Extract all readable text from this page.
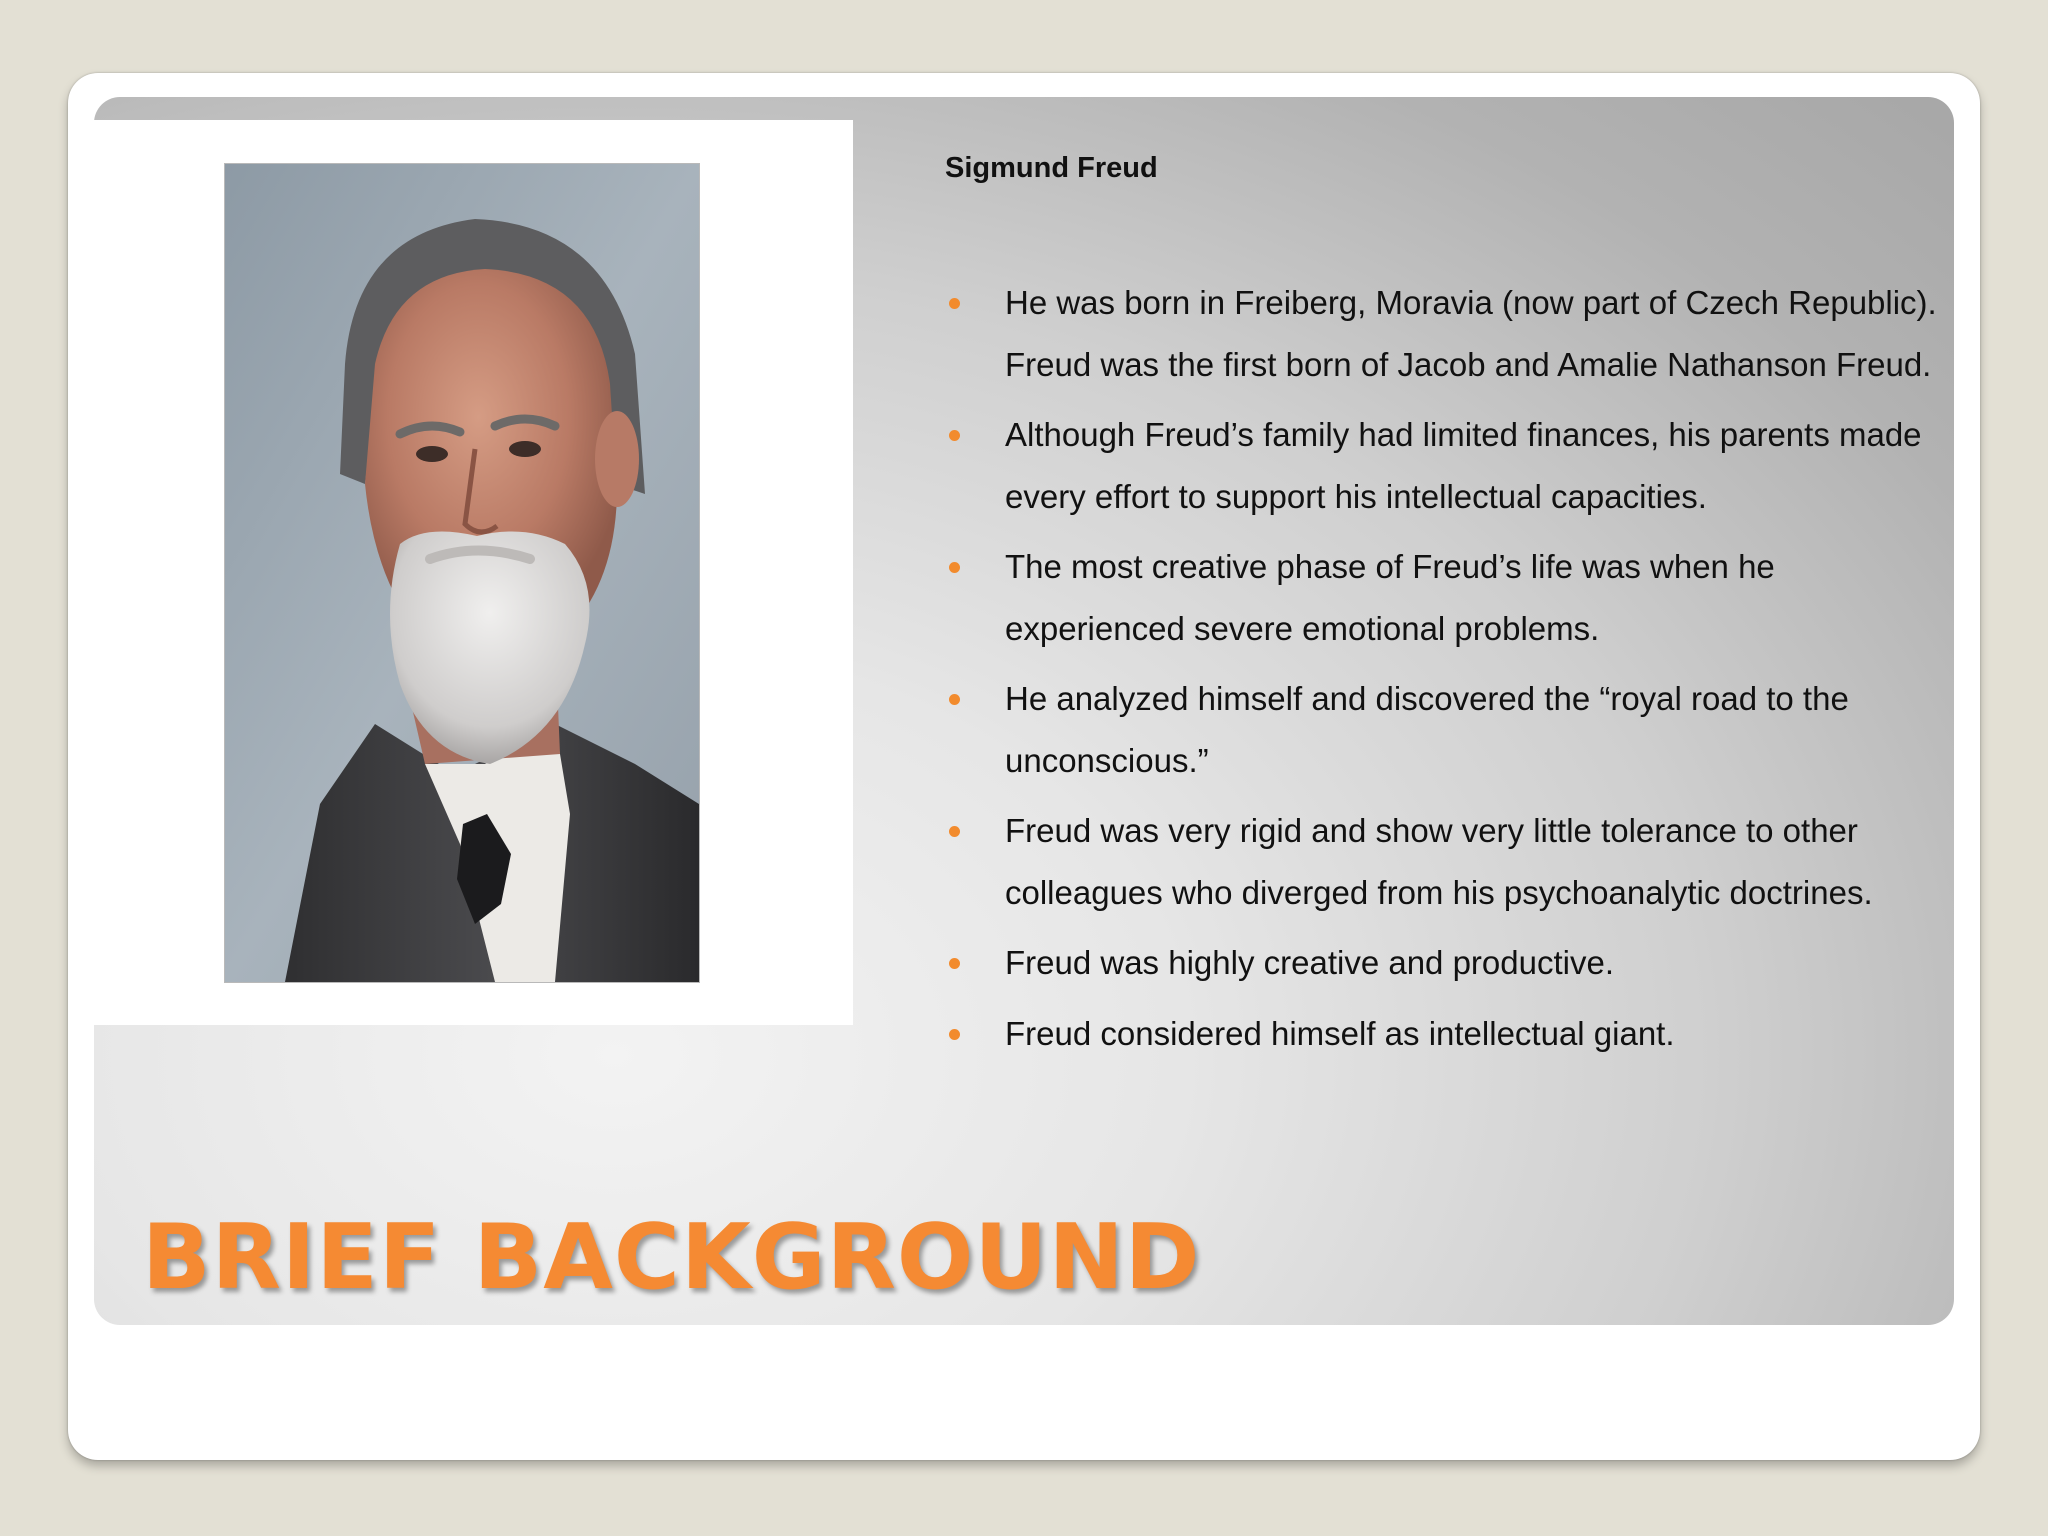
Sigmund Freud
He was born in Freiberg, Moravia (now part of Czech Republic). Freud was the first born of Jacob and Amalie Nathanson Freud.
Although Freud’s family had limited finances, his parents made every effort to support his intellectual capacities.
The most creative phase of Freud’s life was when he experienced severe emotional problems.
He analyzed himself and discovered the “royal road to the unconscious.”
Freud was very rigid and show very little tolerance to other colleagues who diverged from his psychoanalytic doctrines.
Freud was highly creative and productive.
Freud considered himself as intellectual giant.
BRIEF BACKGROUND
